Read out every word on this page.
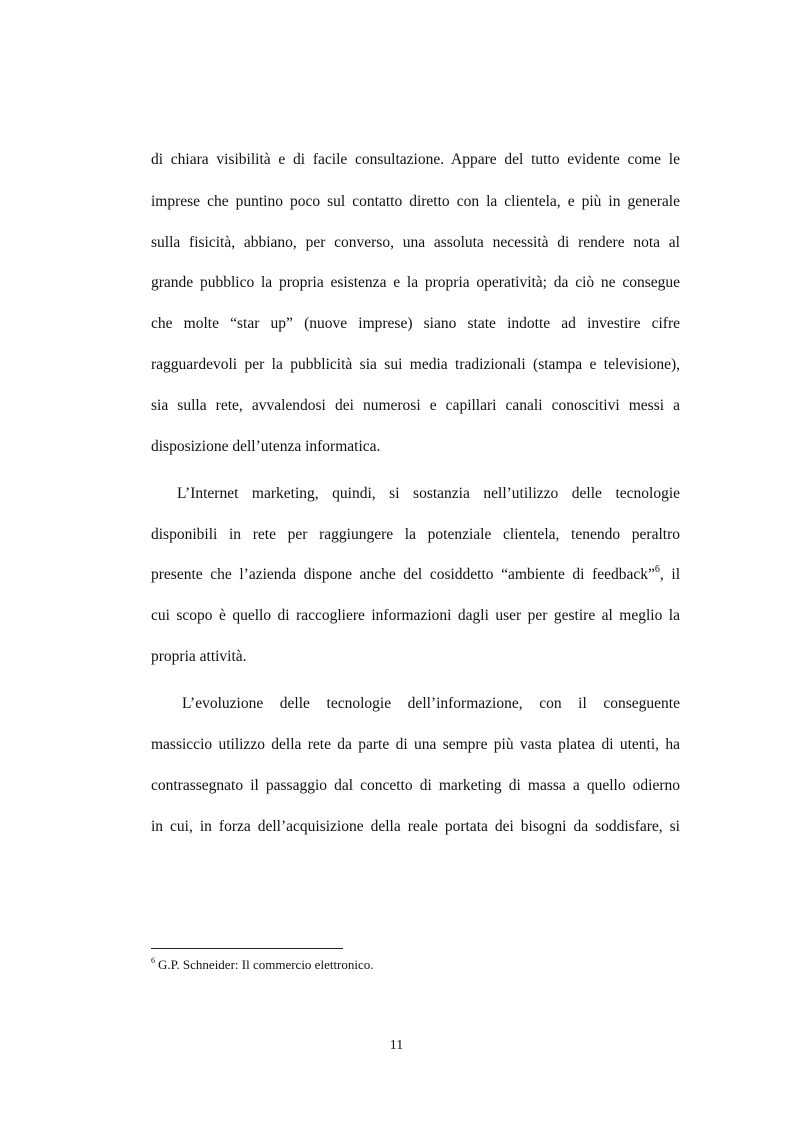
di chiara visibilità e di facile consultazione. Appare del tutto evidente come le
imprese che puntino poco sul contatto diretto con la clientela, e più in generale
sulla fisicità, abbiano, per converso, una assoluta necessità di rendere nota al
grande pubblico la propria esistenza e la propria operatività; da ciò ne consegue
che molte “star up” (nuove imprese) siano state indotte ad investire cifre
ragguardevoli per la pubblicità sia sui media tradizionali (stampa e televisione),
sia sulla rete, avvalendosi dei numerosi e capillari canali conoscitivi messi a
disposizione dell’utenza informatica.
L’Internet marketing, quindi, si sostanzia nell’utilizzo delle tecnologie
disponibili in rete per raggiungere la potenziale clientela, tenendo peraltro
presente che l’azienda dispone anche del cosiddetto “ambiente di feedback”$^6$, il
cui scopo è quello di raccogliere informazioni dagli user per gestire al meglio la
propria attività.
L’evoluzione delle tecnologie dell’informazione, con il conseguente
massiccio utilizzo della rete da parte di una sempre più vasta platea di utenti, ha
contrassegnato il passaggio dal concetto di marketing di massa a quello odierno
in cui, in forza dell’acquisizione della reale portata dei bisogni da soddisfare, si
$^6$ G.P. Schneider: Il commercio elettronico.
11
